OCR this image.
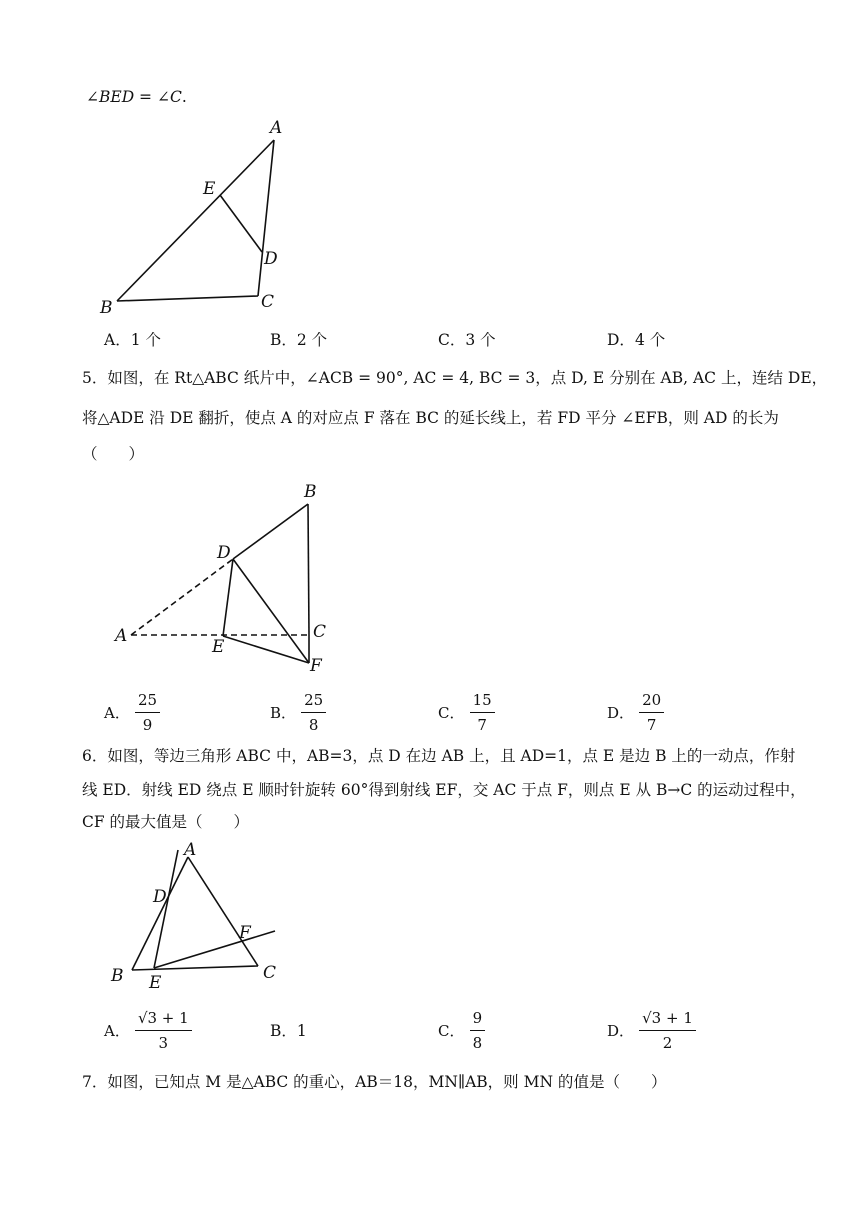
∠BED = ∠C.
A
E
D
B	C
A．1 个	B．2 个	C．3 个	D．4 个
5．如图，在 Rt△ABC 纸片中，∠ACB = 90°, AC = 4, BC = 3，点 D, E 分别在 AB, AC 上，连结 DE，
将△ADE 沿 DE 翻折，使点 A 的对应点 F 落在 BC 的延长线上，若 FD 平分 ∠EFB，则 AD 的长为
（　　）
B
D
A
E
C
F
A． $\frac{25}{9}$	B． $\frac{25}{8}$	C． $\frac{15}{7}$	D． $\frac{20}{7}$
6．如图，等边三角形 ABC 中，AB=3，点 D 在边 AB 上，且 AD=1，点 E 是边 B 上的一动点，作射
线 ED．射线 ED 绕点 E 顺时针旋转 60°得到射线 EF，交 AC 于点 F，则点 E 从 B→C 的运动过程中，
CF 的最大值是（　　）
A
D
F
B E	C
A． $\frac{√3 + 1}{3}$	B．1	C． $\frac{9}{8}$	D． $\frac{√3 + 1}{2}$
7．如图，已知点 M 是△ABC 的重心，AB＝18，MN∥AB，则 MN 的值是（　　）
